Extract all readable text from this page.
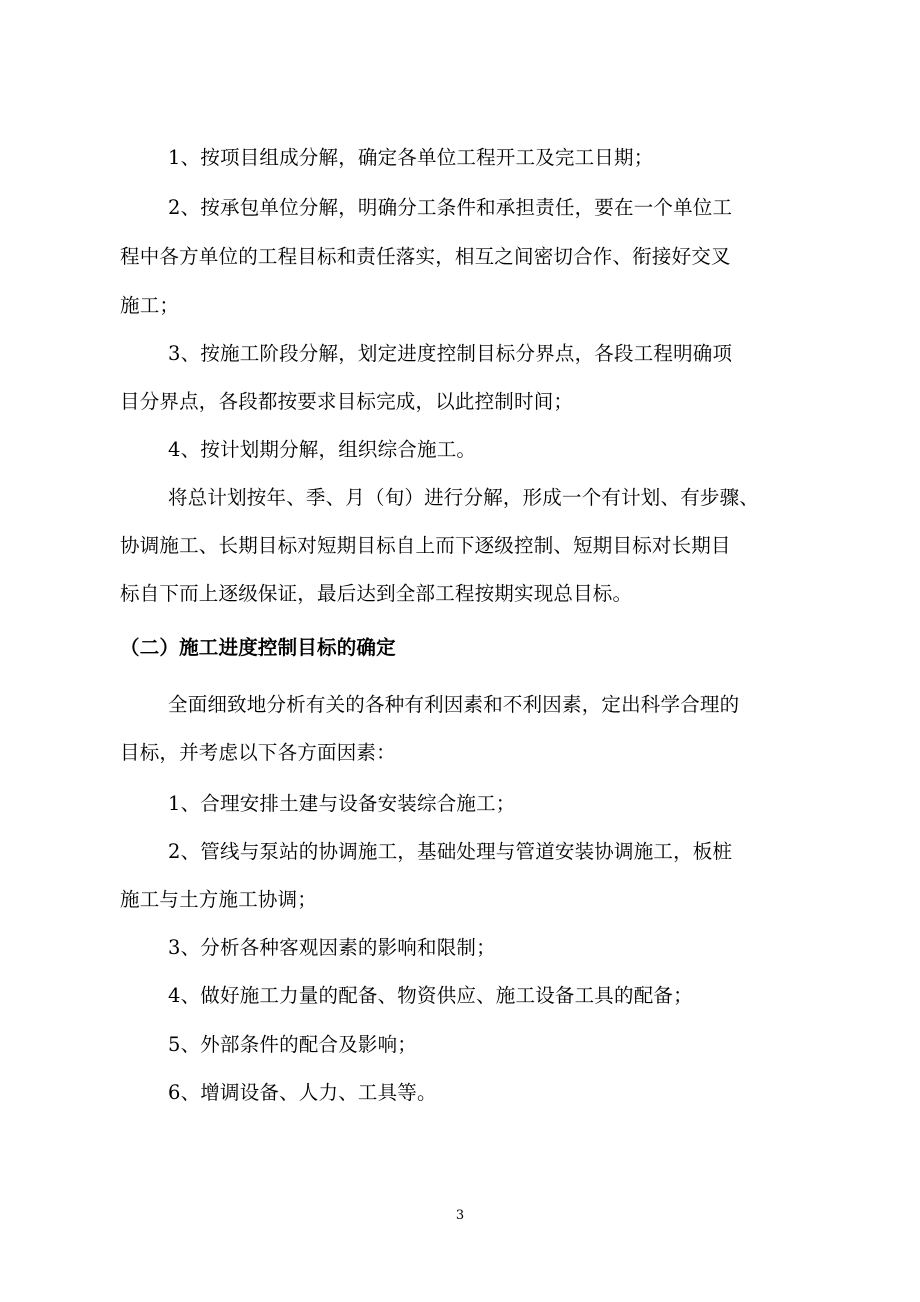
1、按项目组成分解，确定各单位工程开工及完工日期；
2、按承包单位分解，明确分工条件和承担责任，要在一个单位工
程中各方单位的工程目标和责任落实，相互之间密切合作、衔接好交叉
施工；
3、按施工阶段分解，划定进度控制目标分界点，各段工程明确项
目分界点，各段都按要求目标完成，以此控制时间；
4、按计划期分解，组织综合施工。
将总计划按年、季、月（旬）进行分解，形成一个有计划、有步骤、
协调施工、长期目标对短期目标自上而下逐级控制、短期目标对长期目
标自下而上逐级保证，最后达到全部工程按期实现总目标。
（二）施工进度控制目标的确定
全面细致地分析有关的各种有利因素和不利因素，定出科学合理的
目标，并考虑以下各方面因素：
1、合理安排土建与设备安装综合施工；
2、管线与泵站的协调施工，基础处理与管道安装协调施工，板桩
施工与土方施工协调；
3、分析各种客观因素的影响和限制；
4、做好施工力量的配备、物资供应、施工设备工具的配备；
5、外部条件的配合及影响；
6、增调设备、人力、工具等。
3
